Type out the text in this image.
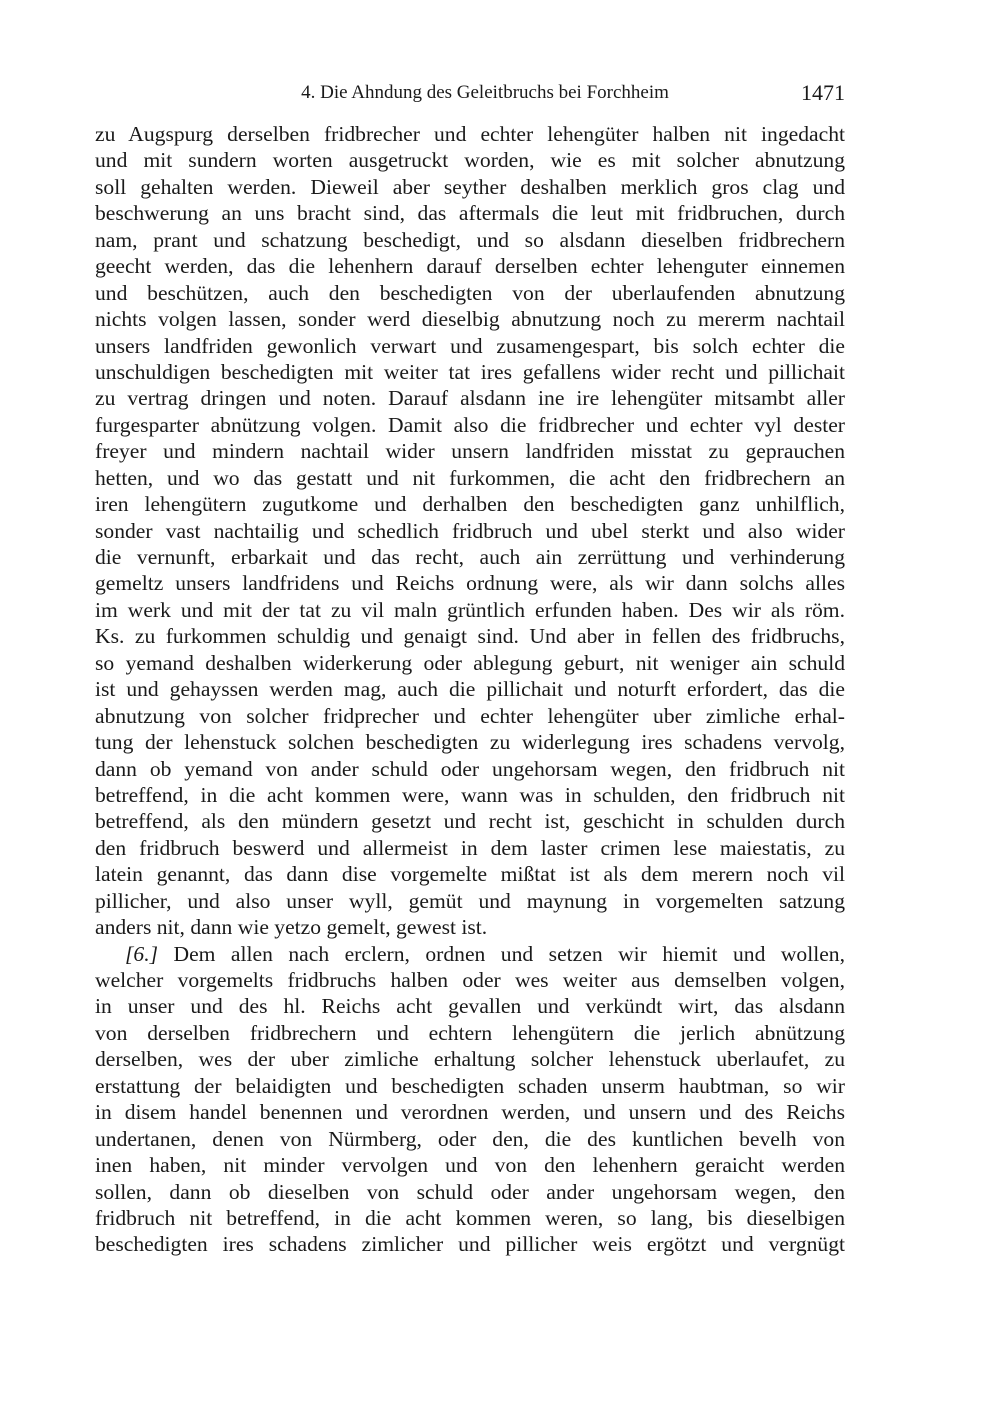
4. Die Ahndung des Geleitbruchs bei Forchheim	1471
zu Augspurg derselben fridbrecher und echter lehengüter halben nit ingedacht
und mit sundern worten ausgetruckt worden, wie es mit solcher abnutzung
soll gehalten werden. Dieweil aber seyther deshalben merklich gros clag und
beschwerung an uns bracht sind, das aftermals die leut mit fridbruchen, durch
nam, prant und schatzung beschedigt, und so alsdann dieselben fridbrechern
geecht werden, das die lehenhern darauf derselben echter lehenguter einnemen
und beschützen, auch den beschedigten von der uberlaufenden abnutzung
nichts volgen lassen, sonder werd dieselbig abnutzung noch zu mererm nachtail
unsers landfriden gewonlich verwart und zusamengespart, bis solch echter die
unschuldigen beschedigten mit weiter tat ires gefallens wider recht und pillichait
zu vertrag dringen und noten. Darauf alsdann ine ire lehengüter mitsambt aller
furgesparter abnützung volgen. Damit also die fridbrecher und echter vyl dester
freyer und mindern nachtail wider unsern landfriden misstat zu geprauchen
hetten, und wo das gestatt und nit furkommen, die acht den fridbrechern an
iren lehengütern zugutkome und derhalben den beschedigten ganz unhilflich,
sonder vast nachtailig und schedlich fridbruch und ubel sterkt und also wider
die vernunft, erbarkait und das recht, auch ain zerrüttung und verhinderung
gemeltz unsers landfridens und Reichs ordnung were, als wir dann solchs alles
im werk und mit der tat zu vil maln grüntlich erfunden haben. Des wir als röm.
Ks. zu furkommen schuldig und genaigt sind. Und aber in fellen des fridbruchs,
so yemand deshalben widerkerung oder ablegung geburt, nit weniger ain schuld
ist und gehayssen werden mag, auch die pillichait und noturft erfordert, das die
abnutzung von solcher fridprecher und echter lehengüter uber zimliche erhal-
tung der lehenstuck solchen beschedigten zu widerlegung ires schadens vervolg,
dann ob yemand von ander schuld oder ungehorsam wegen, den fridbruch nit
betreffend, in die acht kommen were, wann was in schulden, den fridbruch nit
betreffend, als den mündern gesetzt und recht ist, geschicht in schulden durch
den fridbruch beswerd und allermeist in dem laster crimen lese maiestatis, zu
latein genannt, das dann dise vorgemelte mißtat ist als dem merern noch vil
pillicher, und also unser wyll, gemüt und maynung in vorgemelten satzung
anders nit, dann wie yetzo gemelt, gewest ist.
[6.] Dem allen nach erclern, ordnen und setzen wir hiemit und wollen,
welcher vorgemelts fridbruchs halben oder wes weiter aus demselben volgen,
in unser und des hl. Reichs acht gevallen und verkündt wirt, das alsdann
von derselben fridbrechern und echtern lehengütern die jerlich abnützung
derselben, wes der uber zimliche erhaltung solcher lehenstuck uberlaufet, zu
erstattung der belaidigten und beschedigten schaden unserm haubtman, so wir
in disem handel benennen und verordnen werden, und unsern und des Reichs
undertanen, denen von Nürmberg, oder den, die des kuntlichen bevelh von
inen haben, nit minder vervolgen und von den lehenhern geraicht werden
sollen, dann ob dieselben von schuld oder ander ungehorsam wegen, den
fridbruch nit betreffend, in die acht kommen weren, so lang, bis dieselbigen
beschedigten ires schadens zimlicher und pillicher weis ergötzt und vergnügt
